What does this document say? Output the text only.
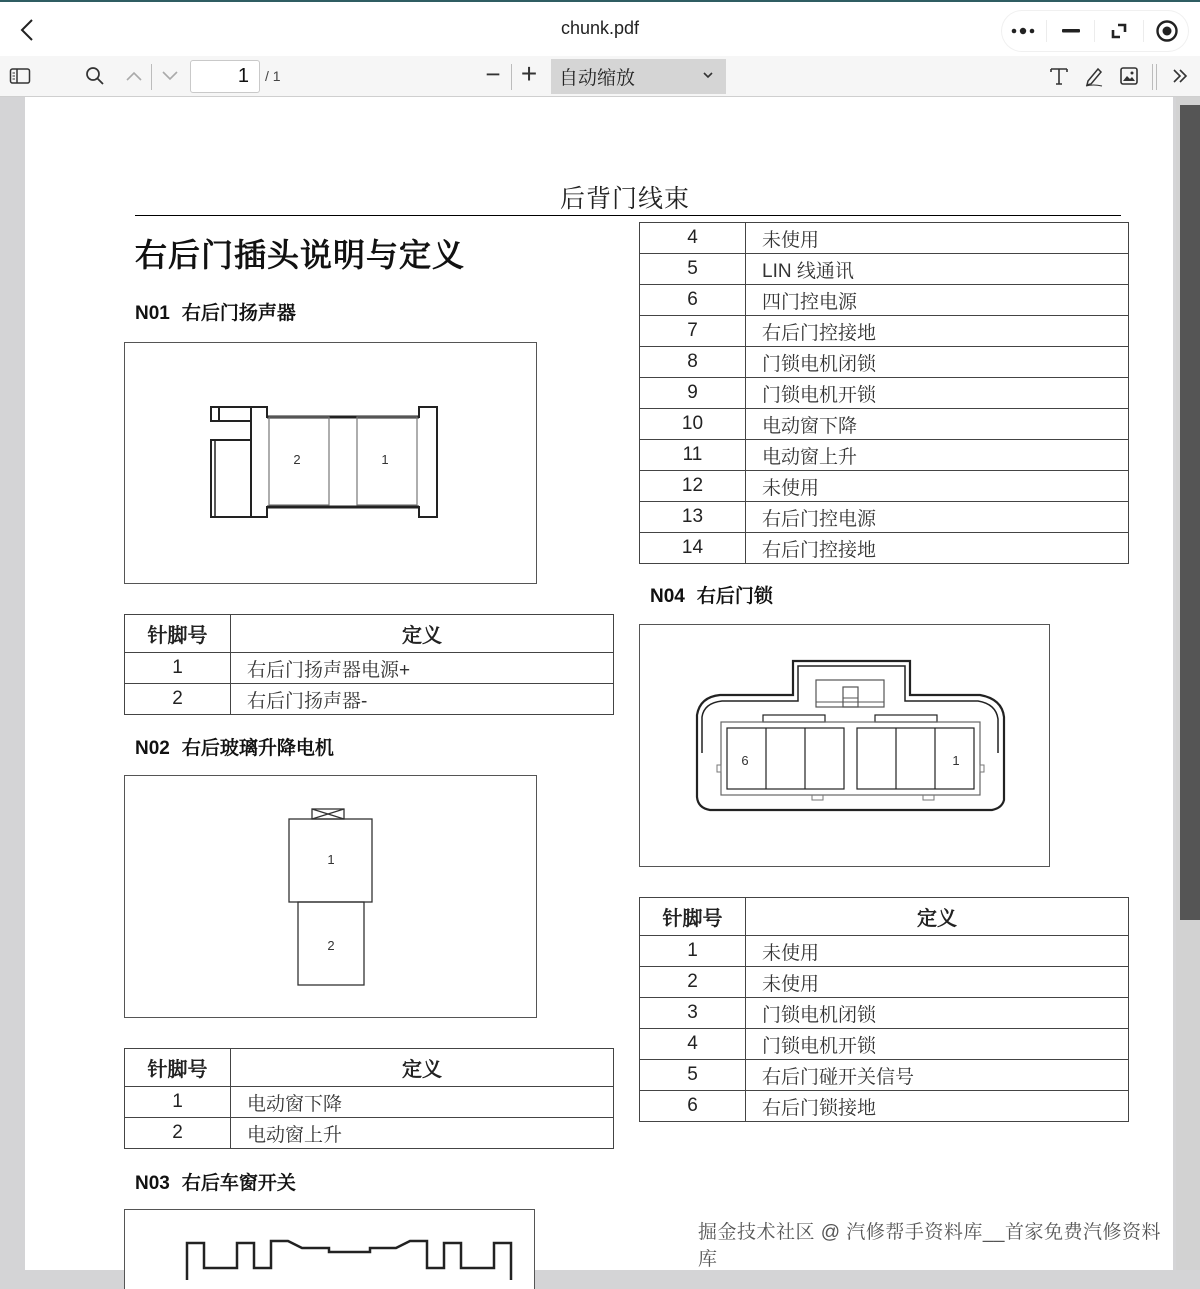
chunk.pdf
1
/ 1	− + 自动缩放
后背门线束
右后门插头说明与定义
N01 右后门扬声器
2	1
针脚号	定义
1	右后门扬声器电源+
2	右后门扬声器-
N02 右后玻璃升降电机
1
2
针脚号	定义
1	电动窗下降
2	电动窗上升
N03 右后车窗开关
4	未使用
5	LIN 线通讯
6	四门控电源
7	右后门控接地
8	门锁电机闭锁
9	门锁电机开锁
10	电动窗下降
11	电动窗上升
12	未使用
13	右后门控电源
14	右后门控接地
N04 右后门锁
6	1
针脚号	定义
1	未使用
2	未使用
3	门锁电机闭锁
4	门锁电机开锁
5	右后门碰开关信号
6	右后门锁接地
掘金技术社区 @ 汽修帮手资料库__首家免费汽修资料库
